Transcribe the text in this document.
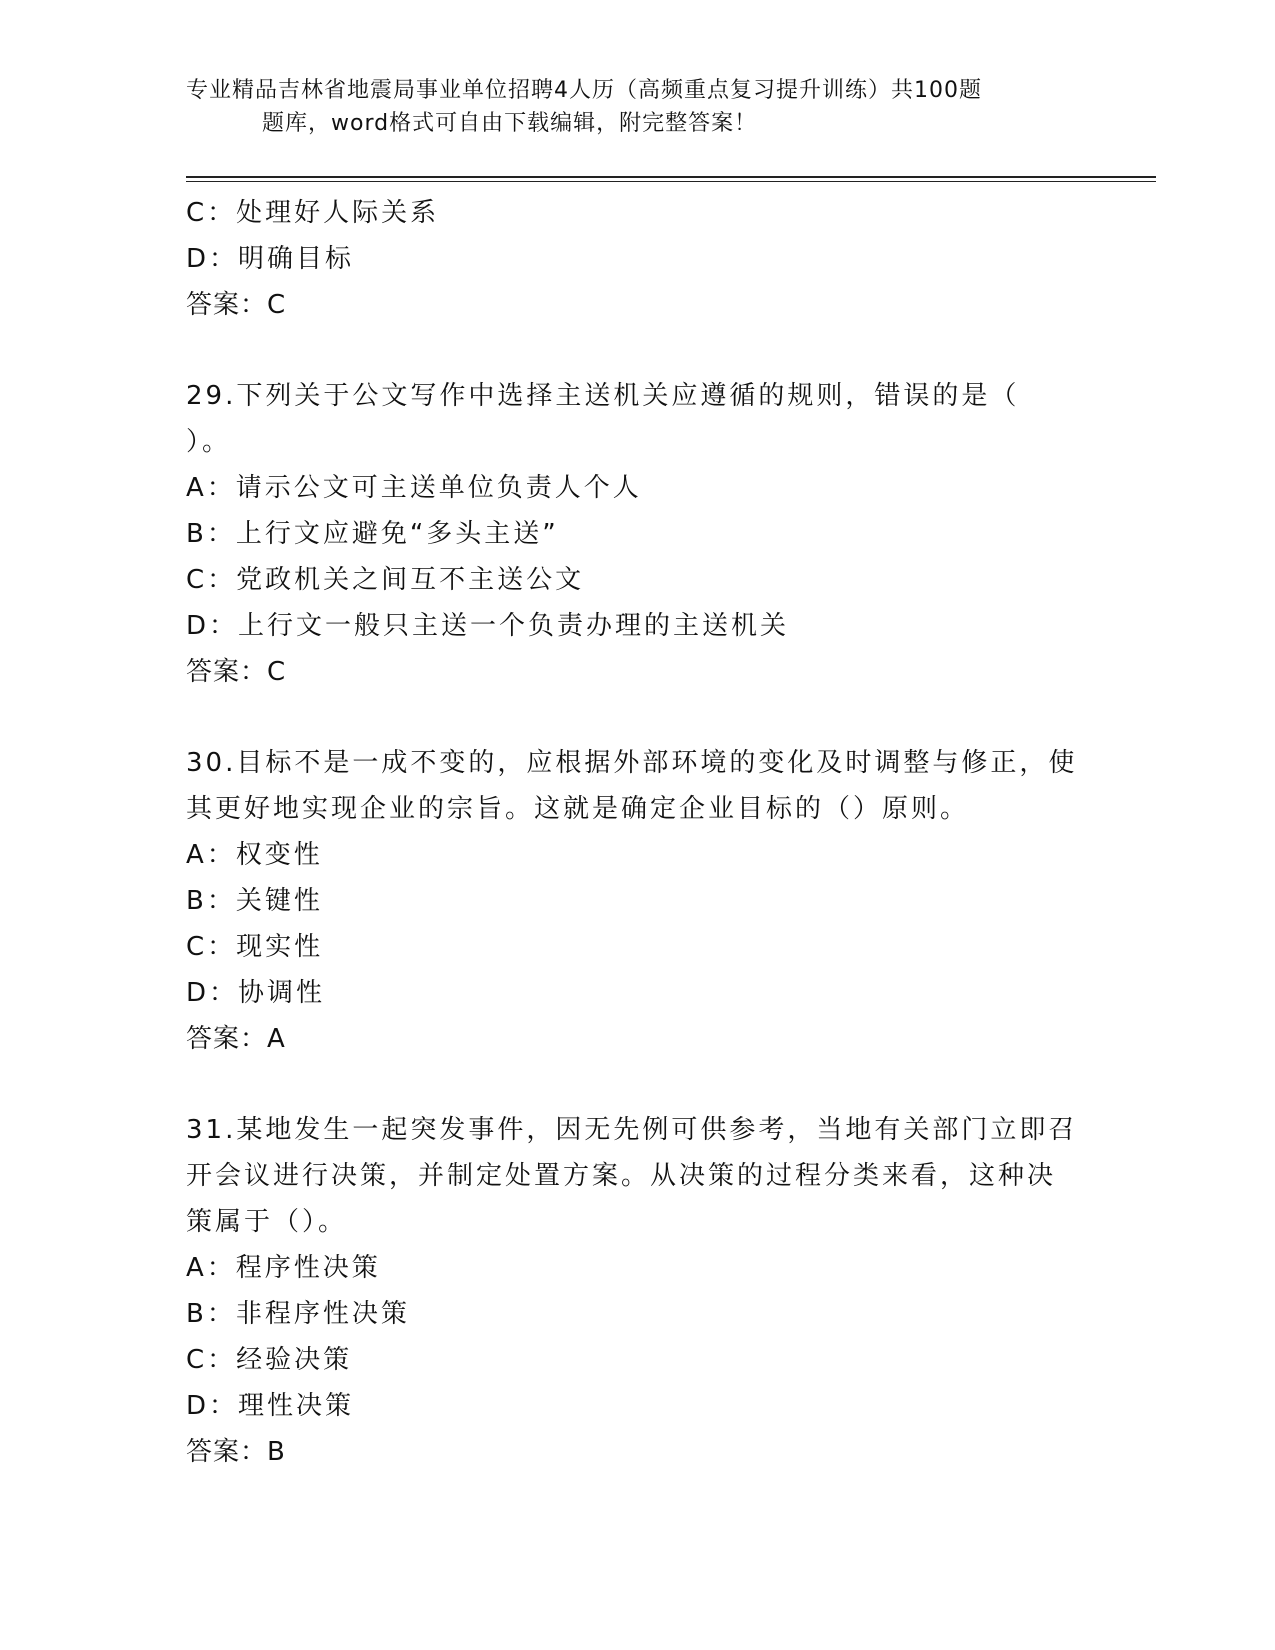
专业精品吉林省地震局事业单位招聘4人历（高频重点复习提升训练）共100题
题库，word格式可自由下载编辑，附完整答案！
C：处理好人际关系
D：明确目标
答案：C
29.下列关于公文写作中选择主送机关应遵循的规则，错误的是（
）。
A：请示公文可主送单位负责人个人
B：上行文应避免“多头主送”
C：党政机关之间互不主送公文
D：上行文一般只主送一个负责办理的主送机关
答案：C
30.目标不是一成不变的，应根据外部环境的变化及时调整与修正，使
其更好地实现企业的宗旨。这就是确定企业目标的（）原则。
A：权变性
B：关键性
C：现实性
D：协调性
答案：A
31.某地发生一起突发事件，因无先例可供参考，当地有关部门立即召
开会议进行决策，并制定处置方案。从决策的过程分类来看，这种决
策属于（）。
A：程序性决策
B：非程序性决策
C：经验决策
D：理性决策
答案：B
